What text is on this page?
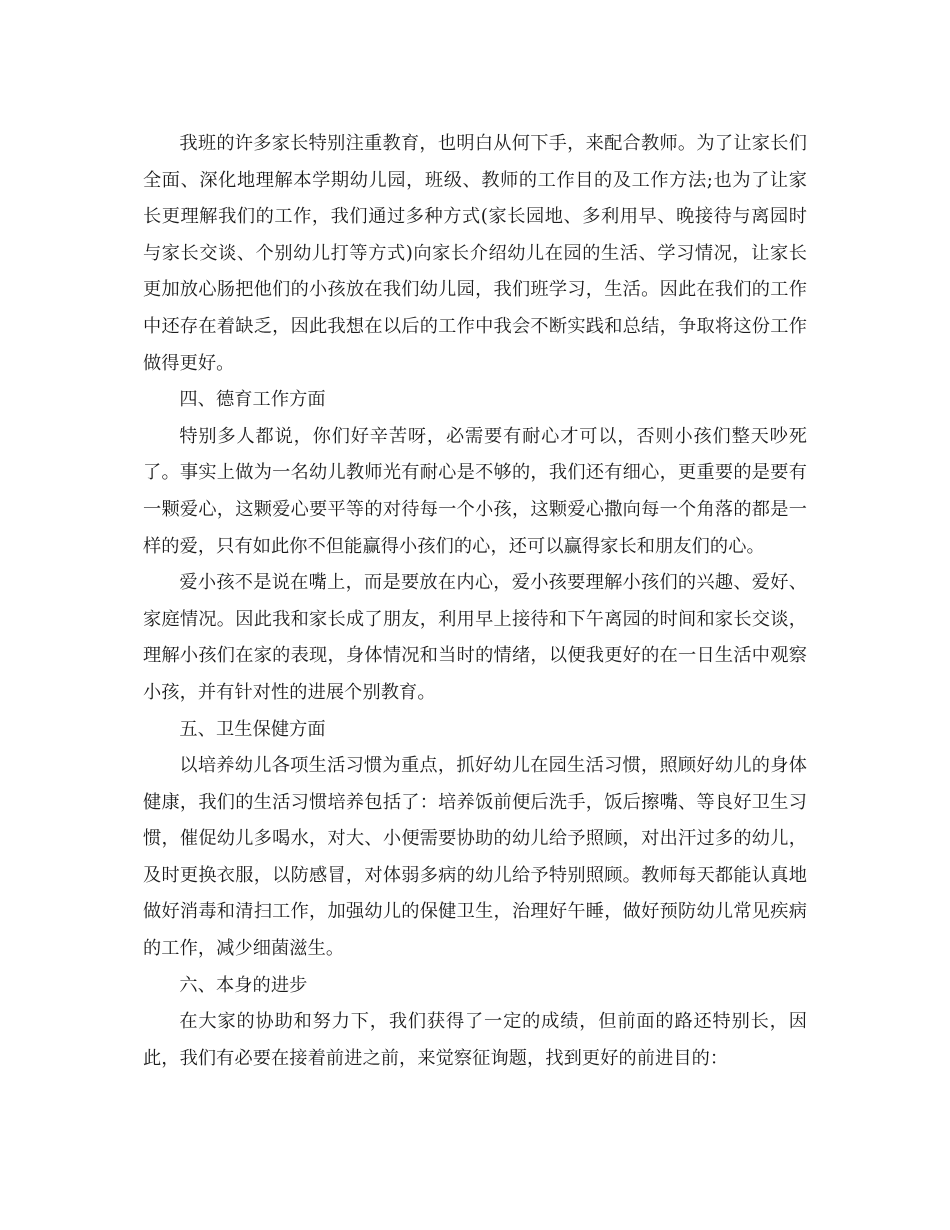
我班的许多家长特别注重教育，也明白从何下手，来配合教师。为了让家长们全面、深化地理解本学期幼儿园，班级、教师的工作目的及工作方法;也为了让家长更理解我们的工作，我们通过多种方式(家长园地、多利用早、晚接待与离园时与家长交谈、个别幼儿打等方式)向家长介绍幼儿在园的生活、学习情况，让家长更加放心肠把他们的小孩放在我们幼儿园，我们班学习，生活。因此在我们的工作中还存在着缺乏，因此我想在以后的工作中我会不断实践和总结，争取将这份工作做得更好。

四、德育工作方面

特别多人都说，你们好辛苦呀，必需要有耐心才可以，否则小孩们整天吵死了。事实上做为一名幼儿教师光有耐心是不够的，我们还有细心，更重要的是要有一颗爱心，这颗爱心要平等的对待每一个小孩，这颗爱心撒向每一个角落的都是一样的爱，只有如此你不但能赢得小孩们的心，还可以赢得家长和朋友们的心。

爱小孩不是说在嘴上，而是要放在内心，爱小孩要理解小孩们的兴趣、爱好、家庭情况。因此我和家长成了朋友，利用早上接待和下午离园的时间和家长交谈，理解小孩们在家的表现，身体情况和当时的情绪，以便我更好的在一日生活中观察小孩，并有针对性的进展个别教育。

五、卫生保健方面

以培养幼儿各项生活习惯为重点，抓好幼儿在园生活习惯，照顾好幼儿的身体健康，我们的生活习惯培养包括了：培养饭前便后洗手，饭后擦嘴、等良好卫生习惯，催促幼儿多喝水，对大、小便需要协助的幼儿给予照顾，对出汗过多的幼儿，及时更换衣服，以防感冒，对体弱多病的幼儿给予特别照顾。教师每天都能认真地做好消毒和清扫工作，加强幼儿的保健卫生，治理好午睡，做好预防幼儿常见疾病的工作，减少细菌滋生。

六、本身的进步

在大家的协助和努力下，我们获得了一定的成绩，但前面的路还特别长，因此，我们有必要在接着前进之前，来觉察征询题，找到更好的前进目的：
